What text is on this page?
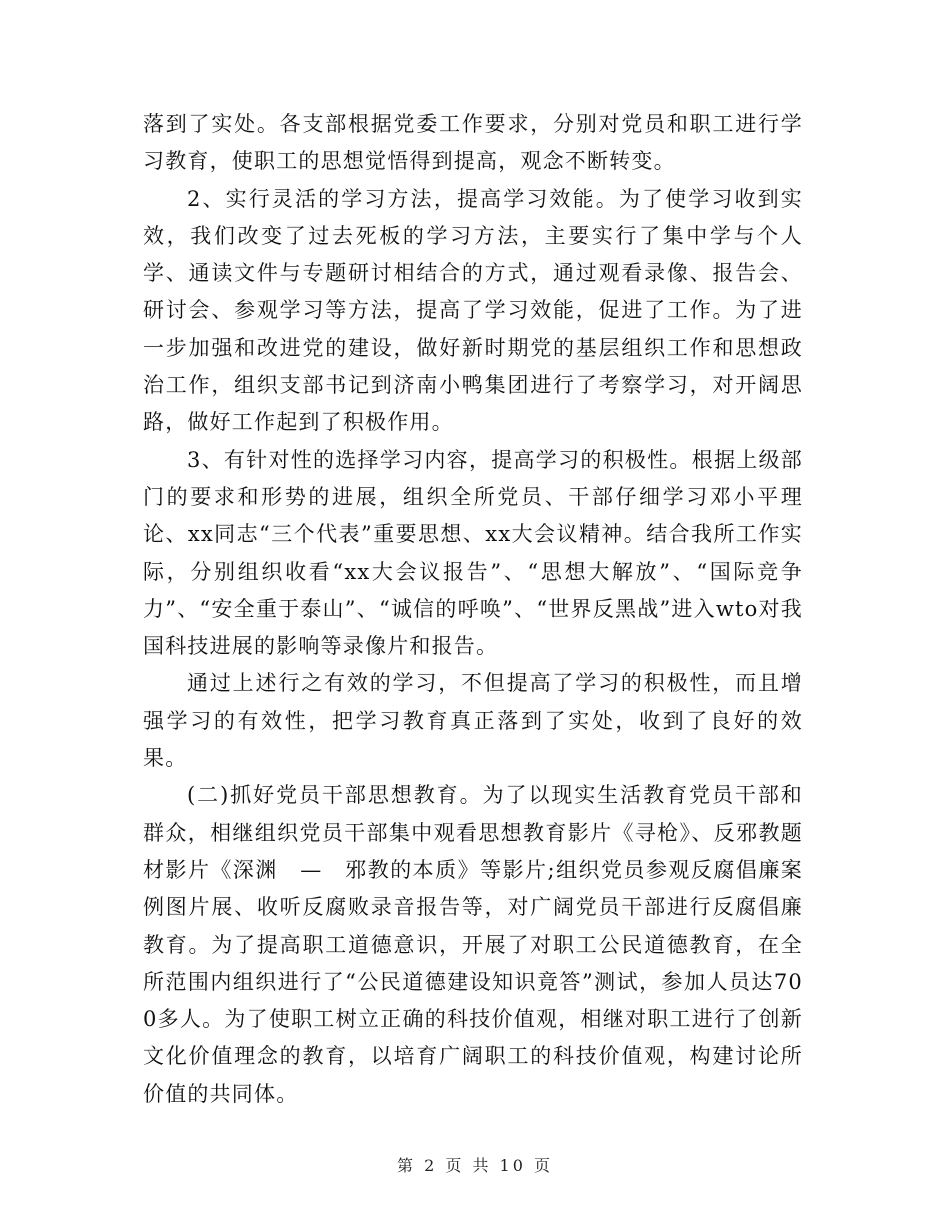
落到了实处。各支部根据党委工作要求，分别对党员和职工进行学习教育，使职工的思想觉悟得到提高，观念不断转变。

2、实行灵活的学习方法，提高学习效能。为了使学习收到实效，我们改变了过去死板的学习方法，主要实行了集中学与个人学、通读文件与专题研讨相结合的方式，通过观看录像、报告会、研讨会、参观学习等方法，提高了学习效能，促进了工作。为了进一步加强和改进党的建设，做好新时期党的基层组织工作和思想政治工作，组织支部书记到济南小鸭集团进行了考察学习，对开阔思路，做好工作起到了积极作用。

3、有针对性的选择学习内容，提高学习的积极性。根据上级部门的要求和形势的进展，组织全所党员、干部仔细学习邓小平理论、xx同志“三个代表”重要思想、xx大会议精神。结合我所工作实际，分别组织收看“xx大会议报告”、“思想大解放”、“国际竞争力”、“安全重于泰山”、“诚信的呼唤”、“世界反黑战”进入wto对我国科技进展的影响等录像片和报告。

通过上述行之有效的学习，不但提高了学习的积极性，而且增强学习的有效性，把学习教育真正落到了实处，收到了良好的效果。

(二)抓好党员干部思想教育。为了以现实生活教育党员干部和群众，相继组织党员干部集中观看思想教育影片《寻枪》、反邪教题材影片《深渊　—　邪教的本质》等影片;组织党员参观反腐倡廉案例图片展、收听反腐败录音报告等，对广阔党员干部进行反腐倡廉教育。为了提高职工道德意识，开展了对职工公民道德教育，在全所范围内组织进行了“公民道德建设知识竟答”测试，参加人员达700多人。为了使职工树立正确的科技价值观，相继对职工进行了创新文化价值理念的教育，以培育广阔职工的科技价值观，构建讨论所价值的共同体。

第 2 页 共 10 页
